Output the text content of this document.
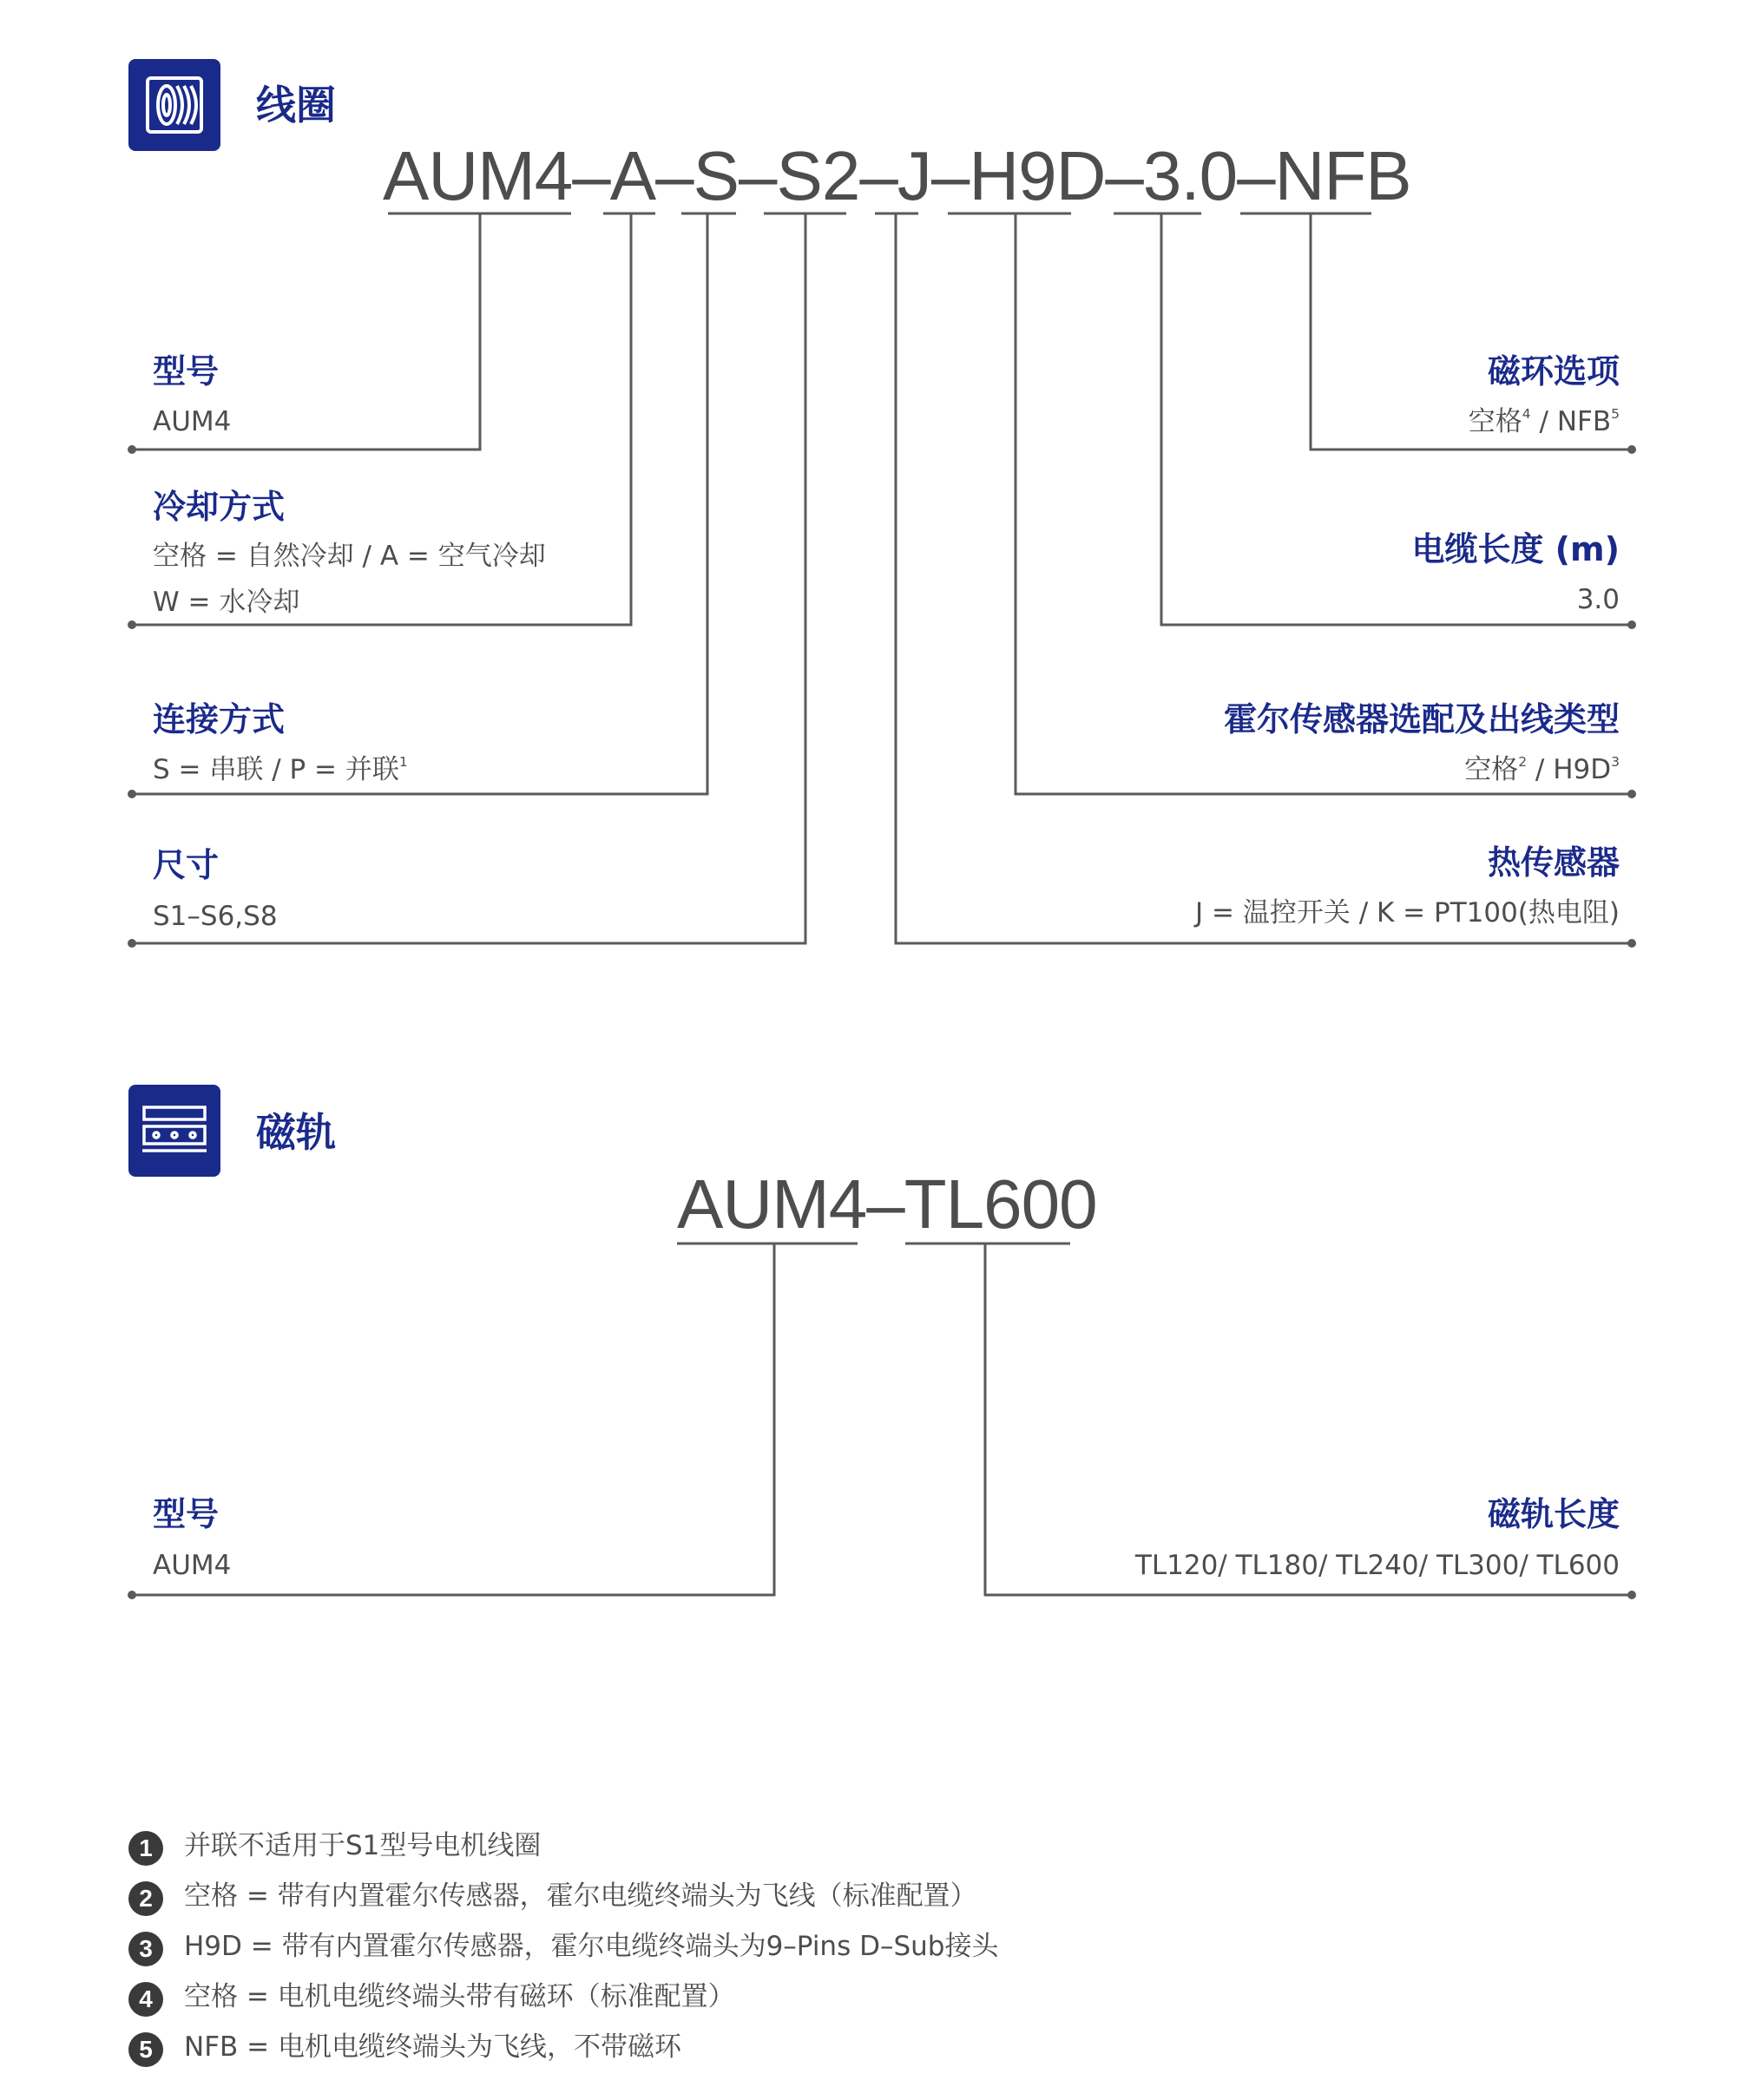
线圈
AUM4–A–S–S2–J–H9D–3.0–NFB
型号
AUM4
冷却方式
空格 = 自然冷却 / A = 空气冷却
W = 水冷却
连接方式
S = 串联 / P = 并联$^1$
尺寸
S1–S6,S8
磁环选项
空格$^4$ / NFB$^5$
电缆长度 (m)
3.0
霍尔传感器选配及出线类型
空格$^2 / H9D^3$
热传感器
J = 温控开关 / K = PT100(热电阻)
磁轨
AUM4–TL600
型号
AUM4
磁轨长度
TL120/ TL180/ TL240/ TL300/ TL600
1	并联不适用于S1型号电机线圈
2	空格 = 带有内置霍尔传感器，霍尔电缆终端头为飞线（标准配置）
3	H9D = 带有内置霍尔传感器，霍尔电缆终端头为9–Pins D–Sub接头
4	空格 = 电机电缆终端头带有磁环（标准配置）
5	NFB = 电机电缆终端头为飞线，不带磁环
